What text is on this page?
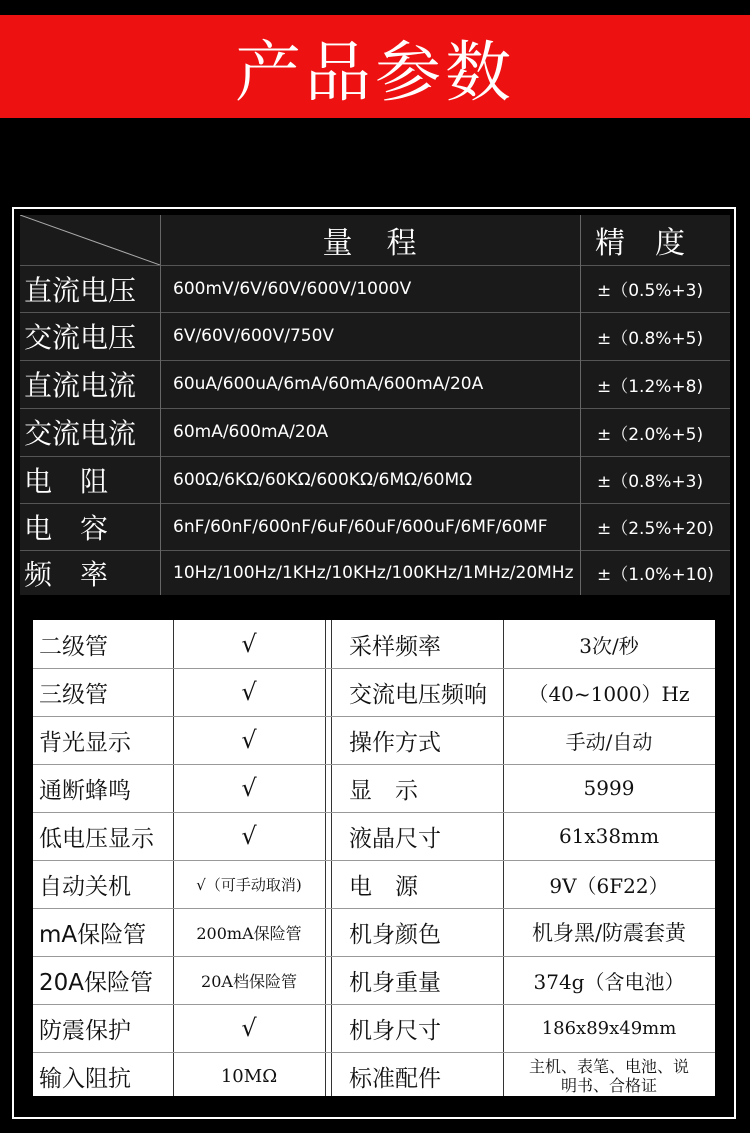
产品参数
量　程	精　度
直流电压	600mV/6V/60V/600V/1000V	±（0.5%+3)
交流电压	6V/60V/600V/750V	±（0.8%+5)
直流电流	60uA/600uA/6mA/60mA/600mA/20A	±（1.2%+8)
交流电流	60mA/600mA/20A	±（2.0%+5)
电　阻	600Ω/6KΩ/60KΩ/600KΩ/6MΩ/60MΩ	±（0.8%+3)
电　容	6nF/60nF/600nF/6uF/60uF/600uF/6MF/60MF	±（2.5%+20)
频　率	10Hz/100Hz/1KHz/10KHz/100KHz/1MHz/20MHz	±（1.0%+10)
二级管	√	采样频率	3次/秒
三级管	√	交流电压频响	（40~1000）Hz
背光显示	√	操作方式	手动/自动
通断蜂鸣	√	显　示	5999
低电压显示	√	液晶尺寸	61x38mm
自动关机	√（可手动取消)	电　源	9V（6F22）
mA保险管	200mA保险管	机身颜色	机身黑/防震套黄
20A保险管	20A档保险管	机身重量	374g（含电池）
防震保护	√	机身尺寸	186x89x49mm
输入阻抗	10MΩ	标准配件	主机、表笔、电池、说明书、合格证
